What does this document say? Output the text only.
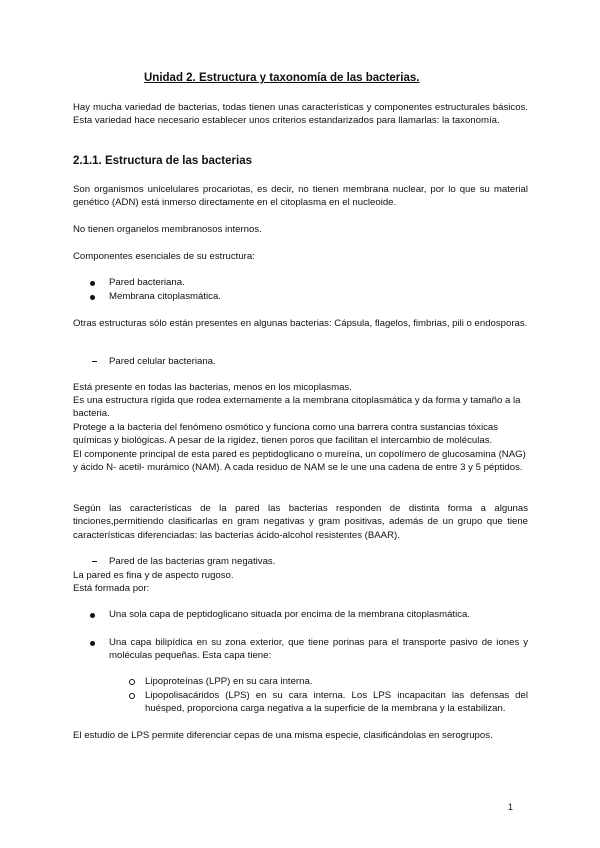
Unidad 2. Estructura y taxonomía de las bacterias.

Hay mucha variedad de bacterias, todas tienen unas características y componentes estructurales básicos. Esta variedad hace necesario establecer unos criterios estandarizados para llamarlas: la taxonomía.

2.1.1. Estructura de las bacterias

Son organismos unicelulares procariotas, es decir, no tienen membrana nuclear, por lo que su material genético (ADN) está inmerso directamente en el citoplasma en el nucleoide.

No tienen organelos membranosos internos.

Componentes esenciales de su estructura:

Pared bacteriana.
Membrana citoplasmática.

Otras estructuras sólo están presentes en algunas bacterias: Cápsula, flagelos, fimbrias, pili o endosporas.

Pared celular bacteriana.

Está presente en todas las bacterias, menos en los micoplasmas.

Es una estructura rígida que rodea externamente a la membrana citoplasmática y da forma y tamaño a la bacteria.

Protege a la bacteria del fenómeno osmótico y funciona como una barrera contra sustancias tóxicas químicas y biológicas. A pesar de la rigidez, tienen poros que facilitan el intercambio de moléculas.

El componente principal de esta pared es peptidoglicano o mureína, un copolímero de glucosamina (NAG) y ácido N- acetil- murámico (NAM). A cada residuo de NAM se le une una cadena de entre 3 y 5 péptidos.

Según las características de la pared las bacterias responden de distinta forma a algunas tinciones,permitiendo clasificarlas en gram negativas y gram positivas, además de un grupo que tiene características diferenciadas: las bacterias ácido-alcohol resistentes (BAAR).

Pared de las bacterias gram negativas.

La pared es fina y de aspecto rugoso.

Está formada por:

Una sola capa de peptidoglicano situada por encima de la membrana citoplasmática.

Una capa bilipídica en su zona exterior, que tiene porinas para el transporte pasivo de iones y moléculas pequeñas. Esta capa tiene:

Lipoproteínas (LPP) en su cara interna.

Lipopolisacáridos (LPS) en su cara interna. Los LPS incapacitan las defensas del huésped, proporciona carga negativa a la superficie de la membrana y la estabilizan.

El estudio de LPS permite diferenciar cepas de una misma especie, clasificándolas en serogrupos.

1
